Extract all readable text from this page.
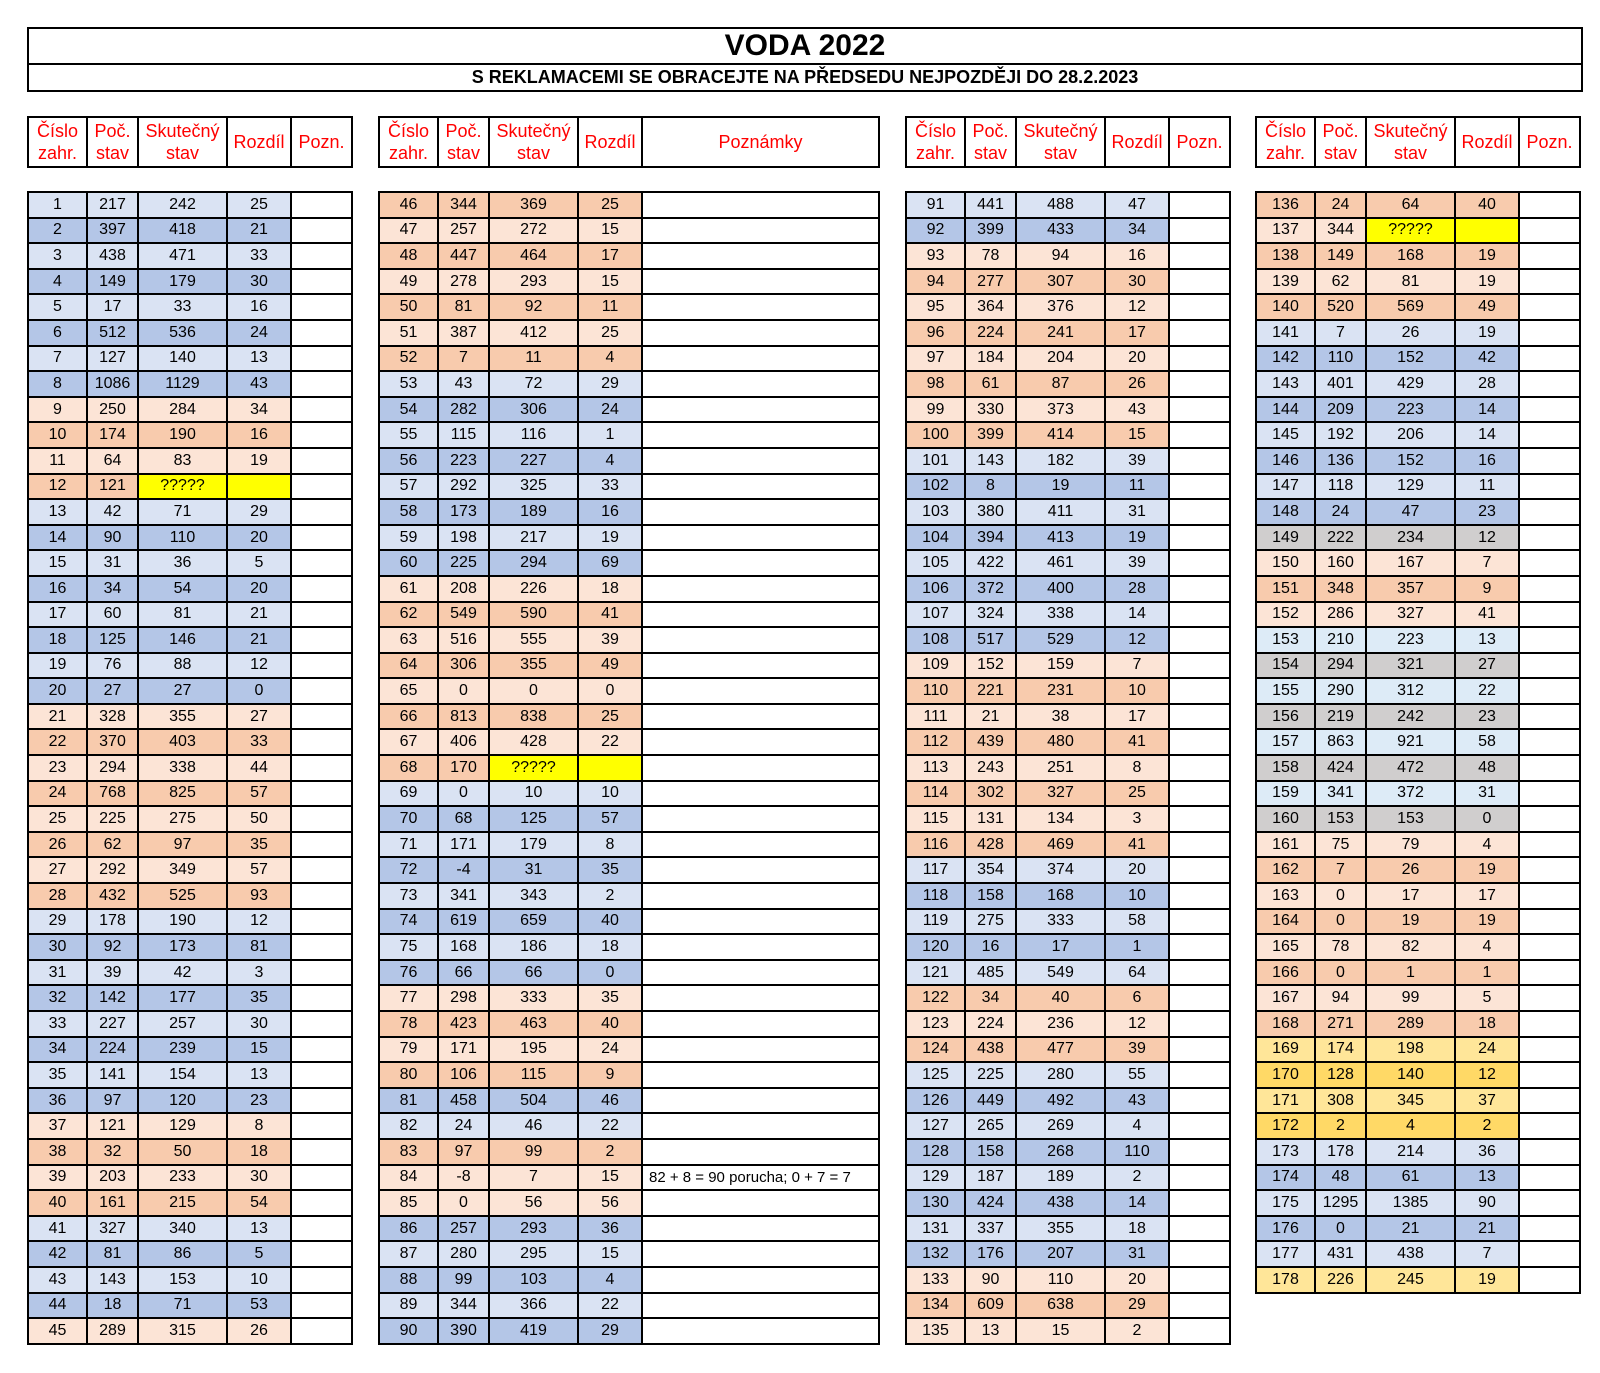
VODA 2022
S REKLAMACEMI SE OBRACEJTE NA PŘEDSEDU NEJPOZDĚJI DO 28.2.2023
Číslo zahr.	Poč. stav	Skutečný stav	Rozdíl	Pozn.
Číslo zahr.	Poč. stav	Skutečný stav	Rozdíl	Poznámky
Číslo zahr.	Poč. stav	Skutečný stav	Rozdíl	Pozn.
Číslo zahr.	Poč. stav	Skutečný stav	Rozdíl	Pozn.
1	217	242	25	
2	397	418	21	
3	438	471	33	
4	149	179	30	
5	17	33	16	
6	512	536	24	
7	127	140	13	
8	1086	1129	43	
9	250	284	34	
10	174	190	16	
11	64	83	19	
12	121	?????		
13	42	71	29	
14	90	110	20	
15	31	36	5	
16	34	54	20	
17	60	81	21	
18	125	146	21	
19	76	88	12	
20	27	27	0	
21	328	355	27	
22	370	403	33	
23	294	338	44	
24	768	825	57	
25	225	275	50	
26	62	97	35	
27	292	349	57	
28	432	525	93	
29	178	190	12	
30	92	173	81	
31	39	42	3	
32	142	177	35	
33	227	257	30	
34	224	239	15	
35	141	154	13	
36	97	120	23	
37	121	129	8	
38	32	50	18	
39	203	233	30	
40	161	215	54	
41	327	340	13	
42	81	86	5	
43	143	153	10	
44	18	71	53	
45	289	315	26	
46	344	369	25	
47	257	272	15	
48	447	464	17	
49	278	293	15	
50	81	92	11	
51	387	412	25	
52	7	11	4	
53	43	72	29	
54	282	306	24	
55	115	116	1	
56	223	227	4	
57	292	325	33	
58	173	189	16	
59	198	217	19	
60	225	294	69	
61	208	226	18	
62	549	590	41	
63	516	555	39	
64	306	355	49	
65	0	0	0	
66	813	838	25	
67	406	428	22	
68	170	?????		
69	0	10	10	
70	68	125	57	
71	171	179	8	
72	-4	31	35	
73	341	343	2	
74	619	659	40	
75	168	186	18	
76	66	66	0	
77	298	333	35	
78	423	463	40	
79	171	195	24	
80	106	115	9	
81	458	504	46	
82	24	46	22	
83	97	99	2	
84	-8	7	15	82 + 8 = 90 porucha; 0 + 7 = 7
85	0	56	56	
86	257	293	36	
87	280	295	15	
88	99	103	4	
89	344	366	22	
90	390	419	29	
91	441	488	47	
92	399	433	34	
93	78	94	16	
94	277	307	30	
95	364	376	12	
96	224	241	17	
97	184	204	20	
98	61	87	26	
99	330	373	43	
100	399	414	15	
101	143	182	39	
102	8	19	11	
103	380	411	31	
104	394	413	19	
105	422	461	39	
106	372	400	28	
107	324	338	14	
108	517	529	12	
109	152	159	7	
110	221	231	10	
111	21	38	17	
112	439	480	41	
113	243	251	8	
114	302	327	25	
115	131	134	3	
116	428	469	41	
117	354	374	20	
118	158	168	10	
119	275	333	58	
120	16	17	1	
121	485	549	64	
122	34	40	6	
123	224	236	12	
124	438	477	39	
125	225	280	55	
126	449	492	43	
127	265	269	4	
128	158	268	110	
129	187	189	2	
130	424	438	14	
131	337	355	18	
132	176	207	31	
133	90	110	20	
134	609	638	29	
135	13	15	2	
136	24	64	40	
137	344	?????		
138	149	168	19	
139	62	81	19	
140	520	569	49	
141	7	26	19	
142	110	152	42	
143	401	429	28	
144	209	223	14	
145	192	206	14	
146	136	152	16	
147	118	129	11	
148	24	47	23	
149	222	234	12	
150	160	167	7	
151	348	357	9	
152	286	327	41	
153	210	223	13	
154	294	321	27	
155	290	312	22	
156	219	242	23	
157	863	921	58	
158	424	472	48	
159	341	372	31	
160	153	153	0	
161	75	79	4	
162	7	26	19	
163	0	17	17	
164	0	19	19	
165	78	82	4	
166	0	1	1	
167	94	99	5	
168	271	289	18	
169	174	198	24	
170	128	140	12	
171	308	345	37	
172	2	4	2	
173	178	214	36	
174	48	61	13	
175	1295	1385	90	
176	0	21	21	
177	431	438	7	
178	226	245	19	
